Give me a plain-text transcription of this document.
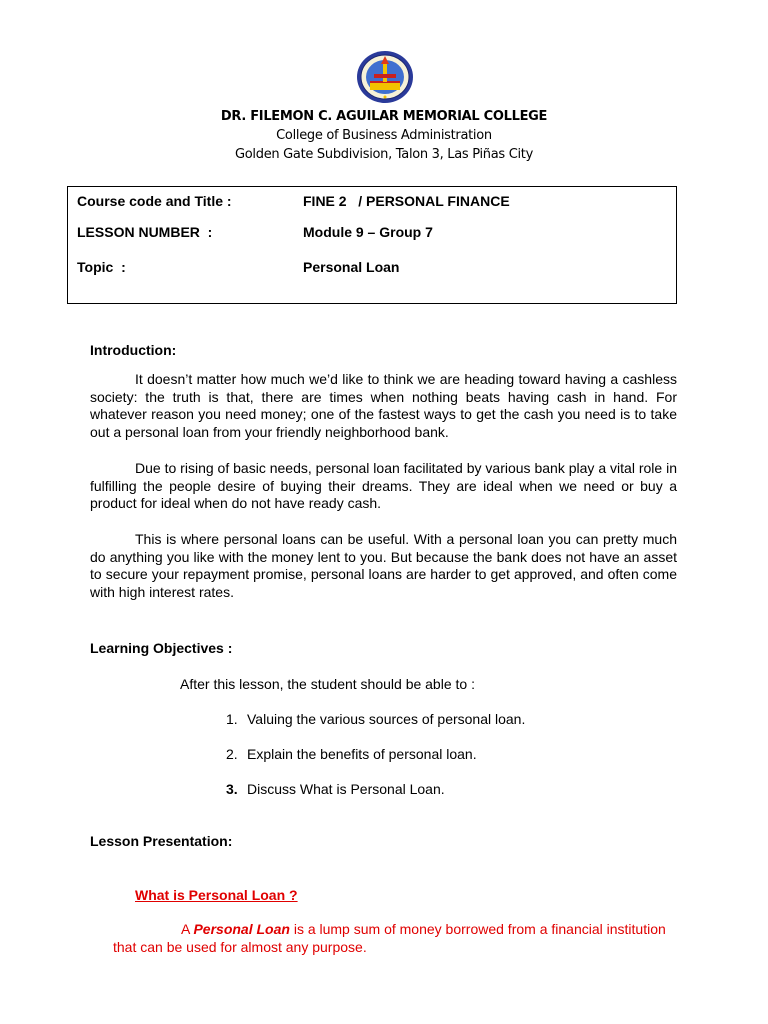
DR. FILEMON C. AGUILAR MEMORIAL COLLEGE
College of Business Administration
Golden Gate Subdivision, Talon 3, Las Piñas City
Course code and Title :	FINE 2   / PERSONAL FINANCE
LESSON NUMBER  :	Module 9 – Group 7
Topic  :	Personal Loan
Introduction:
It doesn’t matter how much we’d like to think we are heading toward having a cashless society: the truth is that, there are times when nothing beats having cash in hand. For whatever reason you need money; one of the fastest ways to get the cash you need is to take out a personal loan from your friendly neighborhood bank.
Due to rising of basic needs, personal loan facilitated by various bank play a vital role in fulfilling the people desire of buying their dreams. They are ideal when we need or buy a product for ideal when do not have ready cash.
This is where personal loans can be useful. With a personal loan you can pretty much do anything you like with the money lent to you. But because the bank does not have an asset to secure your repayment promise, personal loans are harder to get approved, and often come with high interest rates.
Learning Objectives :
After this lesson, the student should be able to :
1. Valuing the various sources of personal loan.
2. Explain the benefits of personal loan.
3. Discuss What is Personal Loan.
Lesson Presentation:
What is Personal Loan ?
A Personal Loan is a lump sum of money borrowed from a financial institution that can be used for almost any purpose.
